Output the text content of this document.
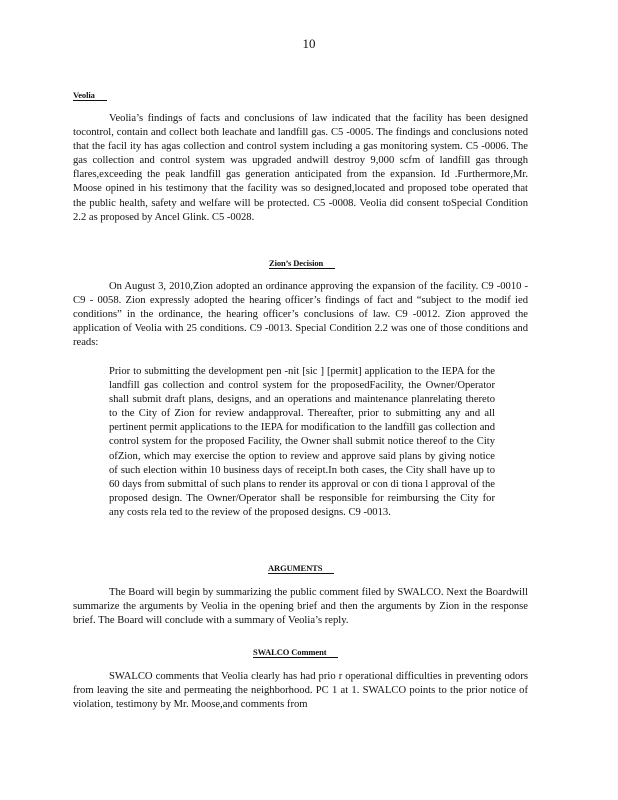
10
Veolia
Veolia’s findings of facts and conclusions of law indicated that the facility has been designed tocontrol, contain and collect both leachate and landfill gas. C5 -0005. The findings and conclusions noted that the facil ity has agas collection and control system including a gas monitoring system. C5 -0006. The gas collection and control system was upgraded andwill destroy 9,000 scfm of landfill gas through flares,exceeding the peak landfill gas generation anticipated from the expansion. Id .Furthermore,Mr. Moose opined in his testimony that the facility was so designed,located and proposed tobe operated that the public health, safety and welfare will be protected. C5 -0008. Veolia did consent toSpecial Condition 2.2 as proposed by Ancel Glink. C5 -0028.
Zion’s Decision
On August 3, 2010,Zion adopted an ordinance approving the expansion of the facility. C9 -0010 - C9 - 0058. Zion expressly adopted the hearing officer’s findings of fact and “subject to the modif ied conditions” in the ordinance, the hearing officer’s conclusions of law. C9 -0012. Zion approved the application of Veolia with 25 conditions. C9 -0013. Special Condition 2.2 was one of those conditions and reads:
Prior to submitting the development pen -nit [sic ] [permit] application to the IEPA for the landfill gas collection and control system for the proposedFacility, the Owner/Operator shall submit draft plans, designs, and an operations and maintenance planrelating thereto to the City of Zion for review andapproval. Thereafter, prior to submitting any and all pertinent permit applications to the IEPA for modification to the landfill gas collection and control system for the proposed Facility, the Owner shall submit notice thereof to the City ofZion, which may exercise the option to review and approve said plans by giving notice of such election within 10 business days of receipt.In both cases, the City shall have up to 60 days from submittal of such plans to render its approval or con di tiona l approval of the proposed design. The Owner/Operator shall be responsible for reimbursing the City for any costs rela ted to the review of the proposed designs. C9 -0013.
ARGUMENTS
The Board will begin by summarizing the public comment filed by SWALCO. Next the Boardwill summarize the arguments by Veolia in the opening brief and then the arguments by Zion in the response brief. The Board will conclude with a summary of Veolia’s reply.
SWALCO Comment
SWALCO comments that Veolia clearly has had prio r operational difficulties in preventing odors from leaving the site and permeating the neighborhood. PC 1 at 1. SWALCO points to the prior notice of violation, testimony by Mr. Moose,and comments from
